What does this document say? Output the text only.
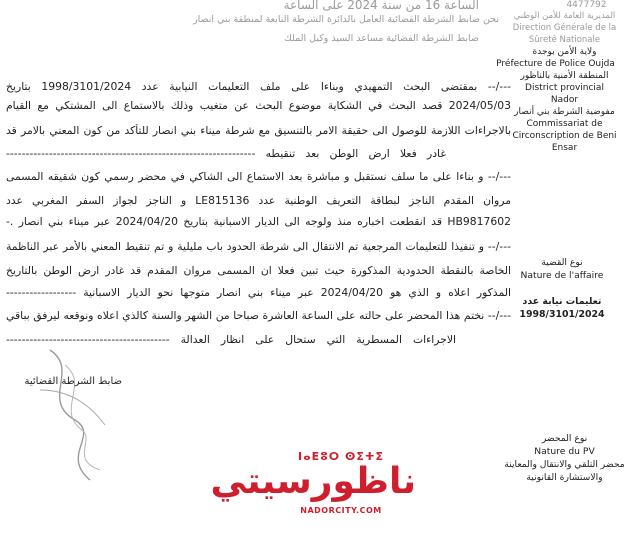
الساعة 16 من سنة 2024 على الساعة
نحن ضابط الشرطة القضائية العامل بالدائرة الشرطة التابعة لمنطقة بني انصار
ضابط الشرطة القضائية مساعد السيد وكيل الملك
4477792
المديرية العامة للأمن الوطني
Direction Générale de la
Sûreté Nationale
ولاية الأمن بوجدة
Préfecture de Police Oujda
المنطقة الأمنية بالناظور
District provincial
Nador
مفوضية الشرطة بني أنصار
Commissariat de
Circonscription de Beni
Ensar
---/-- بمقتضى البحث التمهيدي وبناءا على ملف التعليمات النيابية عدد 1998/3101/2024 بتاريخ
2024/05/03 قصد البحث في الشكاية موضوع البحث عن متغيب وذلك بالاستماع الى المشتكي مع القيام
بالاجراءات اللازمة للوصول الى حقيقة الامر بالتنسيق مع شرطة ميناء بني انصار للتأكد من كون المعني بالامر قد
غادر فعلا ارض الوطن بعد تنقيطه ----------------------------------------------------------------
---/-- و بناءا على ما سلف نستقبل و مباشرة بعد الاستماع الى الشاكي في محضر رسمي كون شقيقه المسمى
مروان المقدم الناجز لبطاقة التعريف الوطنية عدد LE815136 و الناجز لجواز السفر المغربي عدد
HB9817602 قد انقطعت اخباره منذ ولوجه الى الديار الاسبانية بتاريخ 2024/04/20 عبر ميناء بني انصار .-
---/-- و تنفيذا للتعليمات المرجعية تم الانتقال الى شرطة الحدود باب مليلية و تم تنقيط المعني بالأمر عبر الناظمة
الخاصة بالنقطة الحدودية المذكورة حيث تبين فعلا ان المسمى مروان المقدم قد غادر ارض الوطن بالتاريخ
المذكور اعلاه و الذي هو 2024/04/20 عبر ميناء بني انصار متوجها نحو الديار الاسبانية ------------------
---/-- نختم هذا المحضر على حالته على الساعة العاشرة صباحا من الشهر والسنة كالذي اعلاه ونوقعه ليرفق بباقي
الاجراءات المسطرية التي ستحال على انظار العدالة ------------------------------------------
ضابط الشرطة القضائية
نوع القضية
Nature de l'affaire
تعليمات نيابة عدد
1998/3101/2024
نوع المحضر
Nature du PV
محضر التلقي والانتقال والمعاينة
والاستشارة القانونية
ⵏⴰⴹⵓⵔ ⵙⵉⵜⵉ
ناظورسيتي
NADORCITY.COM
